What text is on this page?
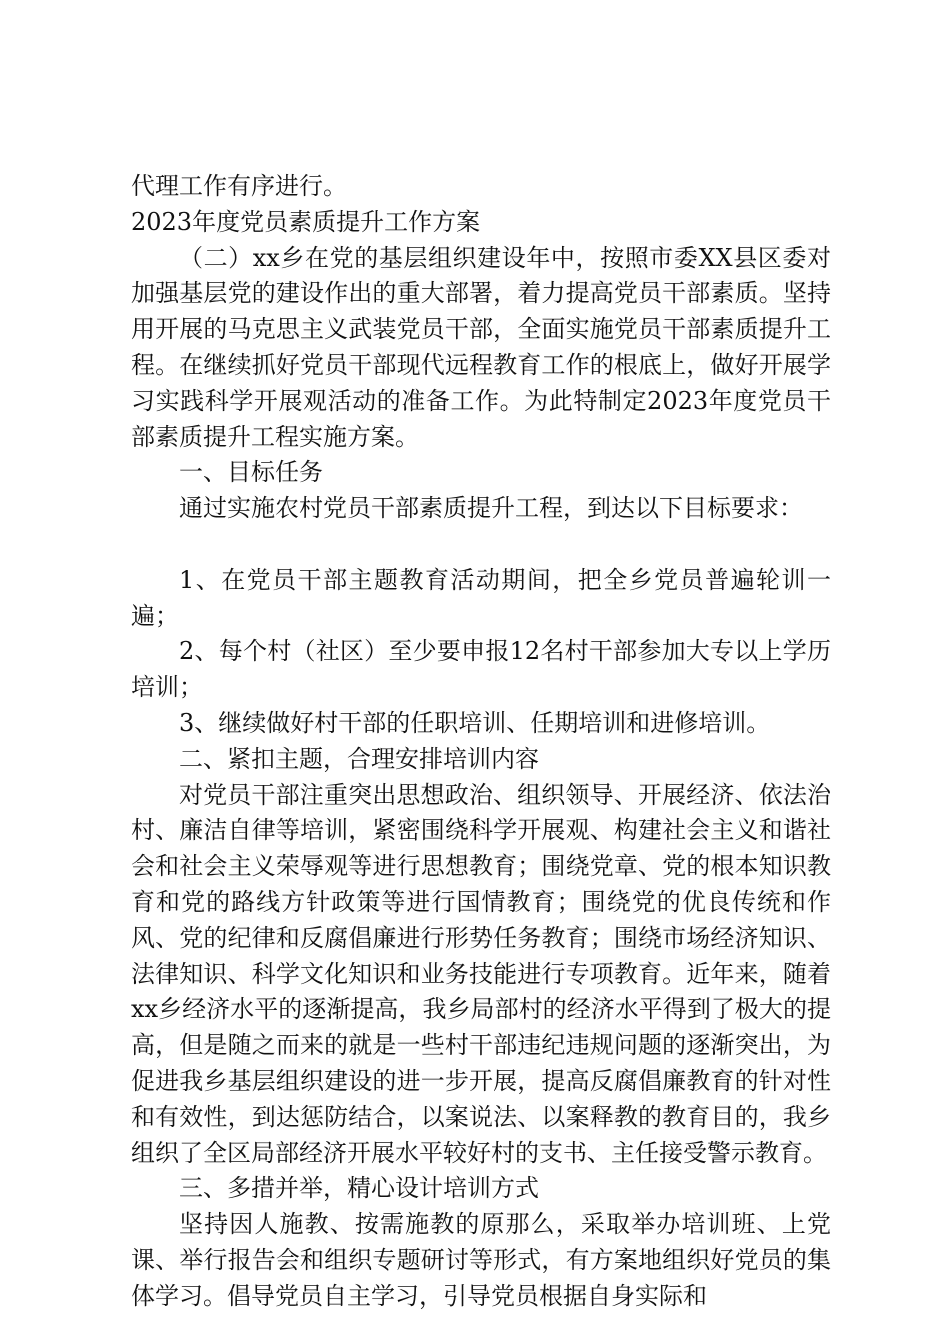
代理工作有序进行。

2023年度党员素质提升工作方案

（二）xx乡在党的基层组织建设年中，按照市委XX县区委对加强基层党的建设作出的重大部署，着力提高党员干部素质。坚持用开展的马克思主义武装党员干部，全面实施党员干部素质提升工程。在继续抓好党员干部现代远程教育工作的根底上，做好开展学习实践科学开展观活动的准备工作。为此特制定2023年度党员干部素质提升工程实施方案。

一、目标任务

通过实施农村党员干部素质提升工程，到达以下目标要求：

1、在党员干部主题教育活动期间，把全乡党员普遍轮训一遍；

2、每个村（社区）至少要申报12名村干部参加大专以上学历培训；

3、继续做好村干部的任职培训、任期培训和进修培训。

二、紧扣主题，合理安排培训内容

对党员干部注重突出思想政治、组织领导、开展经济、依法治村、廉洁自律等培训，紧密围绕科学开展观、构建社会主义和谐社会和社会主义荣辱观等进行思想教育；围绕党章、党的根本知识教育和党的路线方针政策等进行国情教育；围绕党的优良传统和作风、党的纪律和反腐倡廉进行形势任务教育；围绕市场经济知识、法律知识、科学文化知识和业务技能进行专项教育。近年来，随着xx乡经济水平的逐渐提高，我乡局部村的经济水平得到了极大的提高，但是随之而来的就是一些村干部违纪违规问题的逐渐突出，为促进我乡基层组织建设的进一步开展，提高反腐倡廉教育的针对性和有效性，到达惩防结合，以案说法、以案释教的教育目的，我乡组织了全区局部经济开展水平较好村的支书、主任接受警示教育。

三、多措并举，精心设计培训方式

坚持因人施教、按需施教的原那么，采取举办培训班、上党课、举行报告会和组织专题研讨等形式，有方案地组织好党员的集体学习。倡导党员自主学习，引导党员根据自身实际和
